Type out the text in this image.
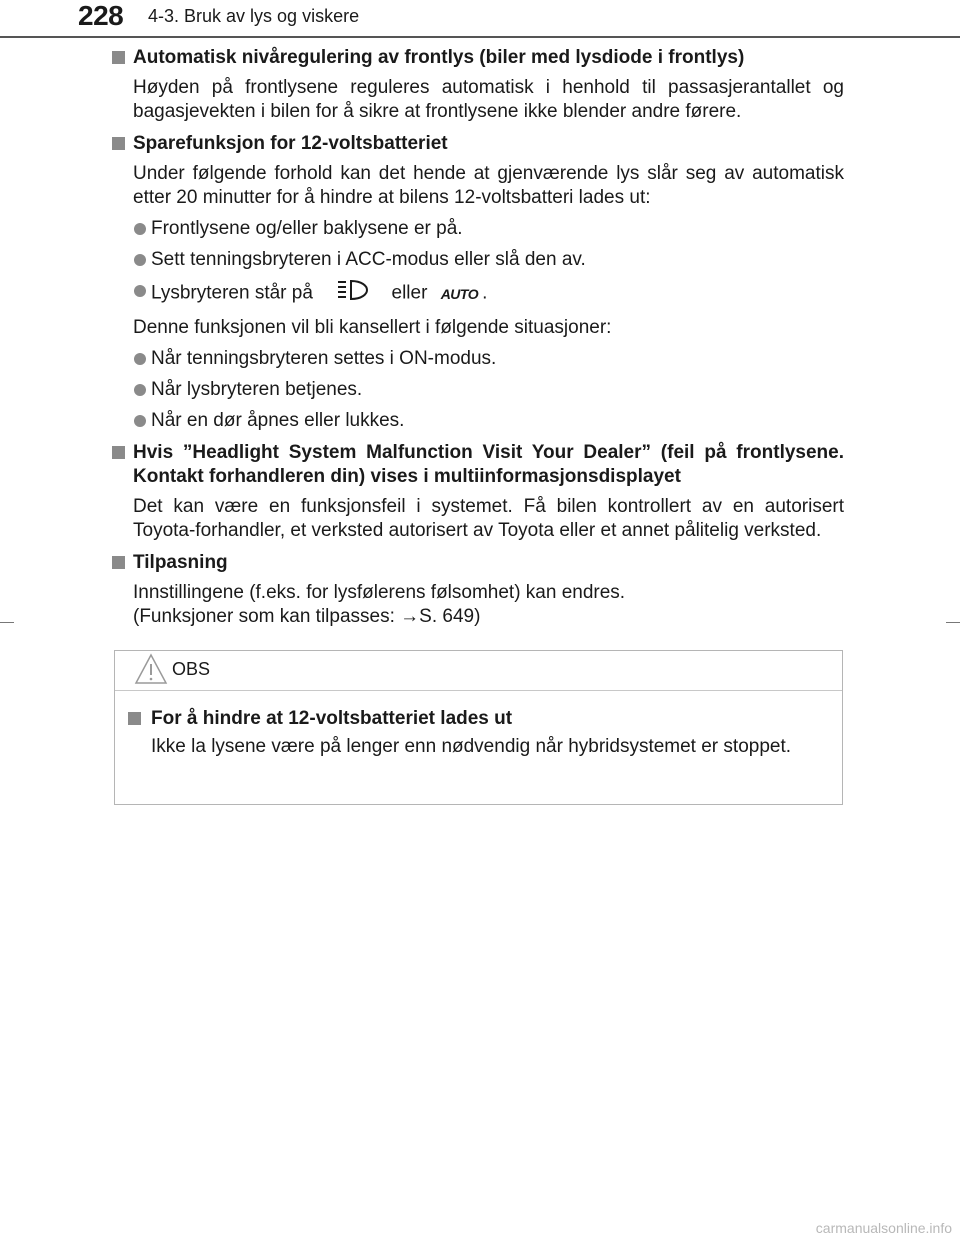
228 4-3. Bruk av lys og viskere
Automatisk nivåregulering av frontlys (biler med lysdiode i frontlys)
Høyden på frontlysene reguleres automatisk i henhold til passasjerantallet og bagasjevekten i bilen for å sikre at frontlysene ikke blender andre førere.
Sparefunksjon for 12-voltsbatteriet
Under følgende forhold kan det hende at gjenværende lys slår seg av automatisk etter 20 minutter for å hindre at bilens 12-voltsbatteri lades ut:
Frontlysene og/eller baklysene er på.
Sett tenningsbryteren i ACC-modus eller slå den av.
Lysbryteren står på	eller AUTO .
Denne funksjonen vil bli kansellert i følgende situasjoner:
Når tenningsbryteren settes i ON-modus.
Når lysbryteren betjenes.
Når en dør åpnes eller lukkes.
Hvis ”Headlight System Malfunction Visit Your Dealer” (feil på frontlysene. Kontakt forhandleren din) vises i multiinformasjonsdisplayet
Det kan være en funksjonsfeil i systemet. Få bilen kontrollert av en autorisert Toyota-forhandler, et verksted autorisert av Toyota eller et annet pålitelig verksted.
Tilpasning
Innstillingene (f.eks. for lysfølerens følsomhet) kan endres.
(Funksjoner som kan tilpasses: →S. 649)
OBS
For å hindre at 12-voltsbatteriet lades ut
Ikke la lysene være på lenger enn nødvendig når hybridsystemet er stoppet.
carmanualsonline.info
